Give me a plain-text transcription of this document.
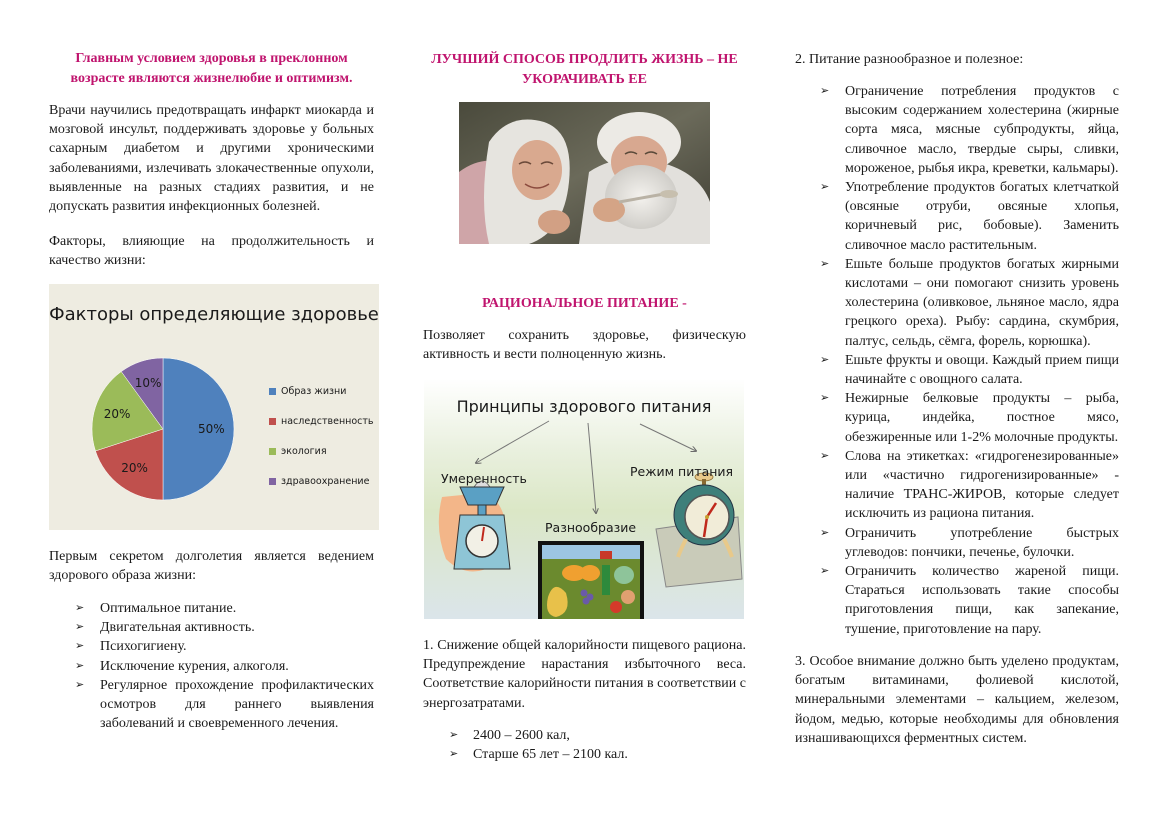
Главным условием здоровья в преклонном возрасте являются жизнелюбие и оптимизм.
Врачи научились предотвращать инфаркт миокарда и мозговой инсульт, поддерживать здоровье у больных сахарным диабетом и другими хроническими заболеваниями, излечивать злокачественные опухоли, выявленные на разных стадиях развития, и не допускать развития инфекционных болезней.
Факторы, влияющие на продолжительность и качество жизни:
Первым секретом долголетия является ведением здорового образа жизни:
➢ Оптимальное питание.
➢ Двигательная активность.
➢ Психогигиену.
➢ Исключение курения, алкоголя.
➢ Регулярное прохождение профилактических осмотров для раннего выявления заболеваний и своевременного лечения.
Факторы определяющие здоровье
50%
20%
20%
10%
Образ жизни
наследственность
экология
здравоохранение
ЛУЧШИЙ СПОСОБ ПРОДЛИТЬ ЖИЗНЬ – НЕ УКОРАЧИВАТЬ ЕЕ
РАЦИОНАЛЬНОЕ ПИТАНИЕ -
Позволяет сохранить здоровье, физическую активность и вести полноценную жизнь.
1. Снижение общей калорийности пищевого рациона. Предупреждение нарастания избыточного веса. Соответствие калорийности питания в соответствии с энергозатратами.
➢ 2400 – 2600 кал,
➢ Старше 65 лет – 2100 кал.
Принципы здорового питания
Умеренность
Разнообразие
Режим питания
2. Питание разнообразное и полезное:
➢ Ограничение потребления продуктов с высоким содержанием холестерина (жирные сорта мяса, мясные субпродукты, яйца, сливочное масло, твердые сыры, сливки, мороженое, рыбья икра, креветки, кальмары).
➢ Употребление продуктов богатых клетчаткой (овсяные отруби, овсяные хлопья, коричневый рис, бобовые). Заменить сливочное масло растительным.
➢ Ешьте больше продуктов богатых жирными кислотами – они помогают снизить уровень холестерина (оливковое, льняное масло, ядра грецкого ореха). Рыбу: сардина, скумбрия, палтус, сельдь, сёмга, форель, корюшка).
➢ Ешьте фрукты и овощи. Каждый прием пищи начинайте с овощного салата.
➢ Нежирные белковые продукты – рыба, курица, индейка, постное мясо, обезжиренные или 1-2% молочные продукты.
➢ Слова на этикетках: «гидрогенезированные» или «частично гидрогенизированные» - наличие ТРАНС-ЖИРОВ, которые следует исключить из рациона питания.
➢ Ограничить употребление быстрых углеводов: пончики, печенье, булочки.
➢ Ограничить количество жареной пищи. Стараться использовать такие способы приготовления пищи, как запекание, тушение, приготовление на пару.
3. Особое внимание должно быть уделено продуктам, богатым витаминами, фолиевой кислотой, минеральными элементами – кальцием, железом, йодом, медью, которые необходимы для обновления изнашивающихся ферментных систем.
